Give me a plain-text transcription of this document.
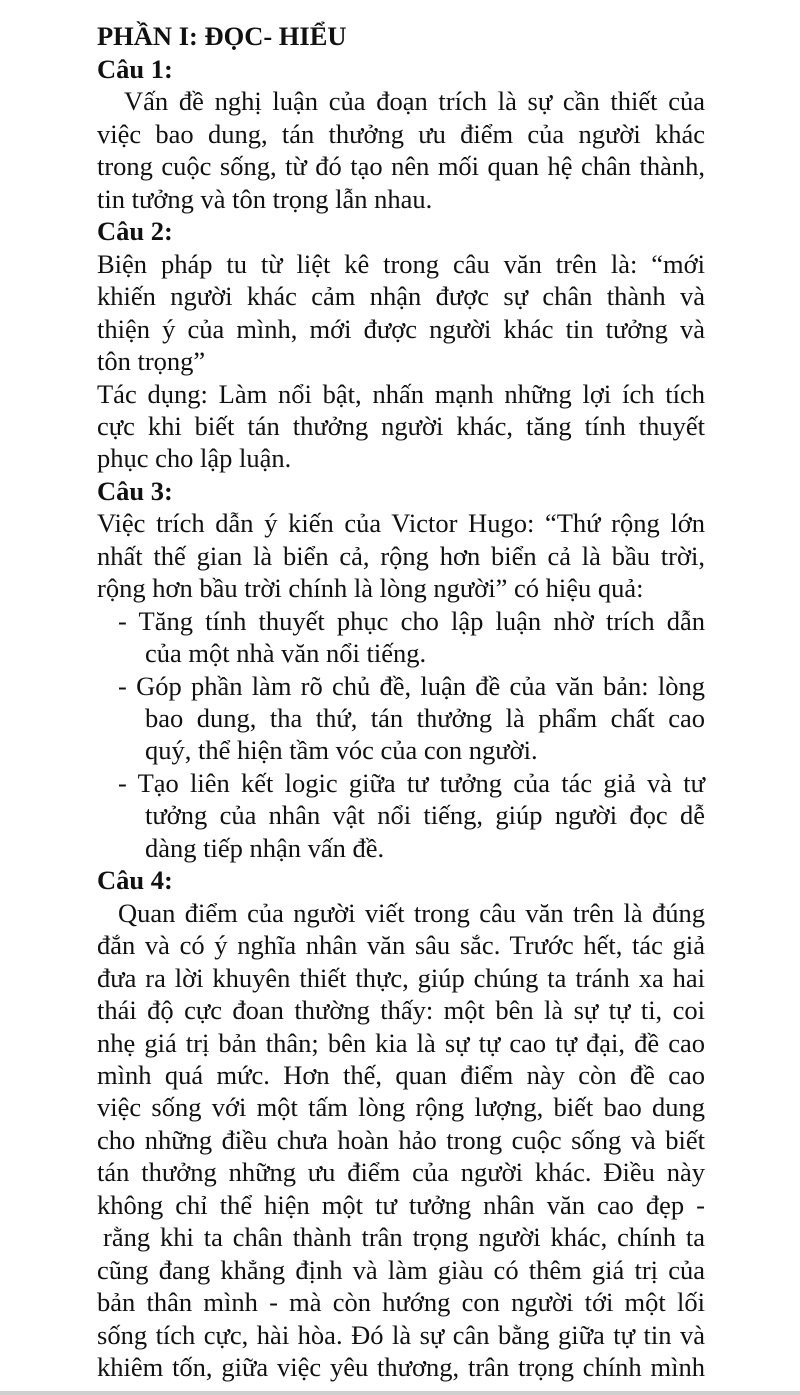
PHẦN I: ĐỌC- HIỂU
Câu 1:
Vấn đề nghị luận của đoạn trích là sự cần thiết của
việc bao dung, tán thưởng ưu điểm của người khác
trong cuộc sống, từ đó tạo nên mối quan hệ chân thành,
tin tưởng và tôn trọng lẫn nhau.
Câu 2:
Biện pháp tu từ liệt kê trong câu văn trên là: “mới
khiến người khác cảm nhận được sự chân thành và
thiện ý của mình, mới được người khác tin tưởng và
tôn trọng”
Tác dụng: Làm nổi bật, nhấn mạnh những lợi ích tích
cực khi biết tán thưởng người khác, tăng tính thuyết
phục cho lập luận.
Câu 3:
Việc trích dẫn ý kiến của Victor Hugo: “Thứ rộng lớn
nhất thế gian là biển cả, rộng hơn biển cả là bầu trời,
rộng hơn bầu trời chính là lòng người” có hiệu quả:
- Tăng tính thuyết phục cho lập luận nhờ trích dẫn
của một nhà văn nổi tiếng.
- Góp phần làm rõ chủ đề, luận đề của văn bản: lòng
bao dung, tha thứ, tán thưởng là phẩm chất cao
quý, thể hiện tầm vóc của con người.
- Tạo liên kết logic giữa tư tưởng của tác giả và tư
tưởng của nhân vật nổi tiếng, giúp người đọc dễ
dàng tiếp nhận vấn đề.
Câu 4:
Quan điểm của người viết trong câu văn trên là đúng
đắn và có ý nghĩa nhân văn sâu sắc. Trước hết, tác giả
đưa ra lời khuyên thiết thực, giúp chúng ta tránh xa hai
thái độ cực đoan thường thấy: một bên là sự tự ti, coi
nhẹ giá trị bản thân; bên kia là sự tự cao tự đại, đề cao
mình quá mức. Hơn thế, quan điểm này còn đề cao
việc sống với một tấm lòng rộng lượng, biết bao dung
cho những điều chưa hoàn hảo trong cuộc sống và biết
tán thưởng những ưu điểm của người khác. Điều này
không chỉ thể hiện một tư tưởng nhân văn cao đẹp -
rằng khi ta chân thành trân trọng người khác, chính ta
cũng đang khẳng định và làm giàu có thêm giá trị của
bản thân mình - mà còn hướng con người tới một lối
sống tích cực, hài hòa. Đó là sự cân bằng giữa tự tin và
khiêm tốn, giữa việc yêu thương, trân trọng chính mình
